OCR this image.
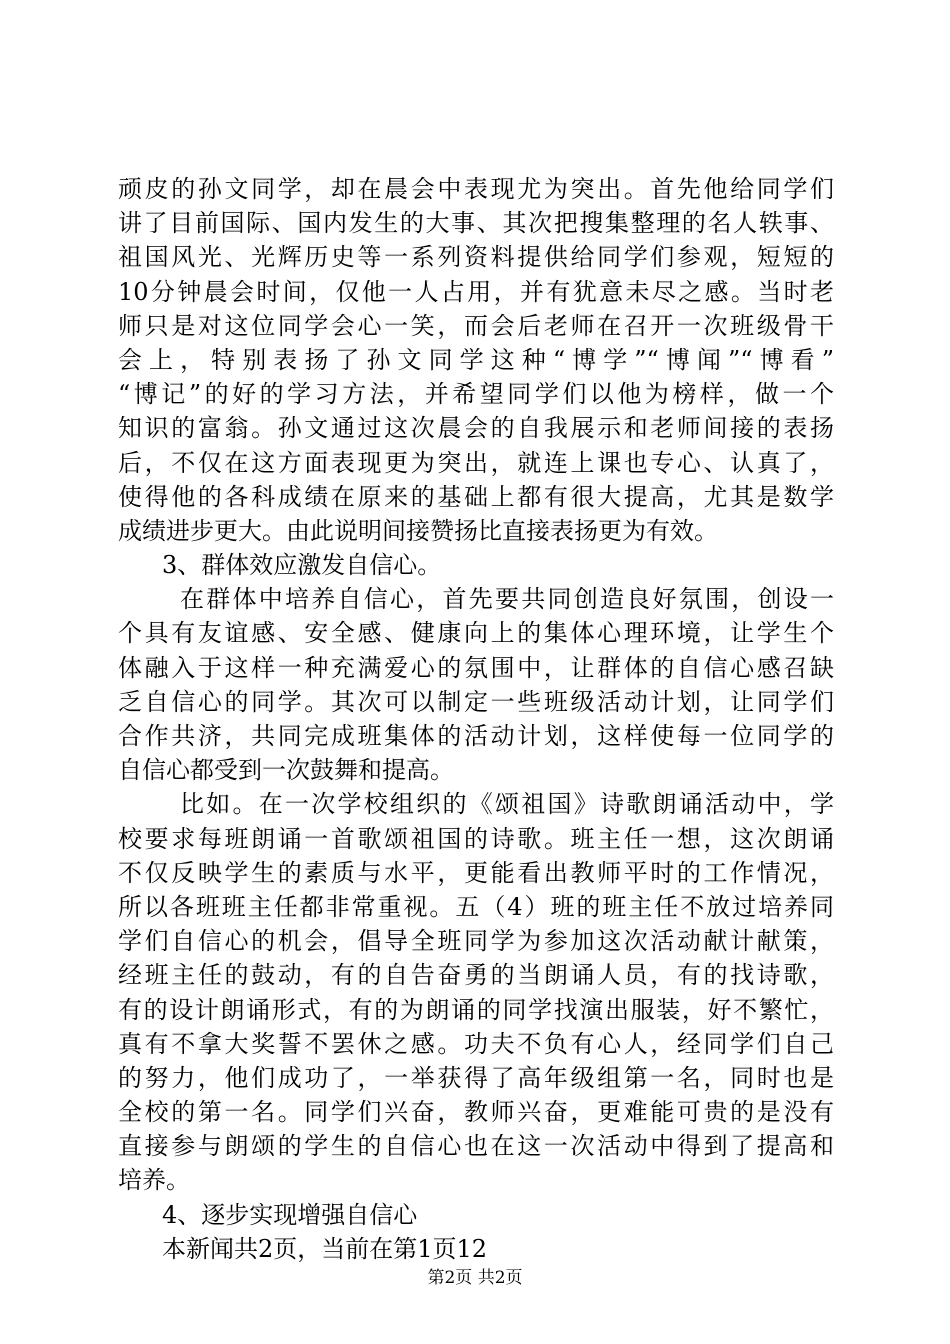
顽皮的孙文同学，却在晨会中表现尤为突出。首先他给同学们
讲了目前国际、国内发生的大事、其次把搜集整理的名人轶事、
祖国风光、光辉历史等一系列资料提供给同学们参观，短短的
10分钟晨会时间，仅他一人占用，并有犹意未尽之感。当时老
师只是对这位同学会心一笑，而会后老师在召开一次班级骨干
会上，特别表扬了孙文同学这种“博学”“博闻”“博看”
“博记”的好的学习方法，并希望同学们以他为榜样，做一个
知识的富翁。孙文通过这次晨会的自我展示和老师间接的表扬
后，不仅在这方面表现更为突出，就连上课也专心、认真了，
使得他的各科成绩在原来的基础上都有很大提高，尤其是数学
成绩进步更大。由此说明间接赞扬比直接表扬更为有效。
3、群体效应激发自信心。
在群体中培养自信心，首先要共同创造良好氛围，创设一
个具有友谊感、安全感、健康向上的集体心理环境，让学生个
体融入于这样一种充满爱心的氛围中，让群体的自信心感召缺
乏自信心的同学。其次可以制定一些班级活动计划，让同学们
合作共济，共同完成班集体的活动计划，这样使每一位同学的
自信心都受到一次鼓舞和提高。
比如。在一次学校组织的《颂祖国》诗歌朗诵活动中，学
校要求每班朗诵一首歌颂祖国的诗歌。班主任一想，这次朗诵
不仅反映学生的素质与水平，更能看出教师平时的工作情况，
所以各班班主任都非常重视。五（4）班的班主任不放过培养同
学们自信心的机会，倡导全班同学为参加这次活动献计献策，
经班主任的鼓动，有的自告奋勇的当朗诵人员，有的找诗歌，
有的设计朗诵形式，有的为朗诵的同学找演出服装，好不繁忙，
真有不拿大奖誓不罢休之感。功夫不负有心人，经同学们自己
的努力，他们成功了，一举获得了高年级组第一名，同时也是
全校的第一名。同学们兴奋，教师兴奋，更难能可贵的是没有
直接参与朗颂的学生的自信心也在这一次活动中得到了提高和
培养。
4、逐步实现增强自信心
本新闻共2页，当前在第1页12
第2页 共2页
